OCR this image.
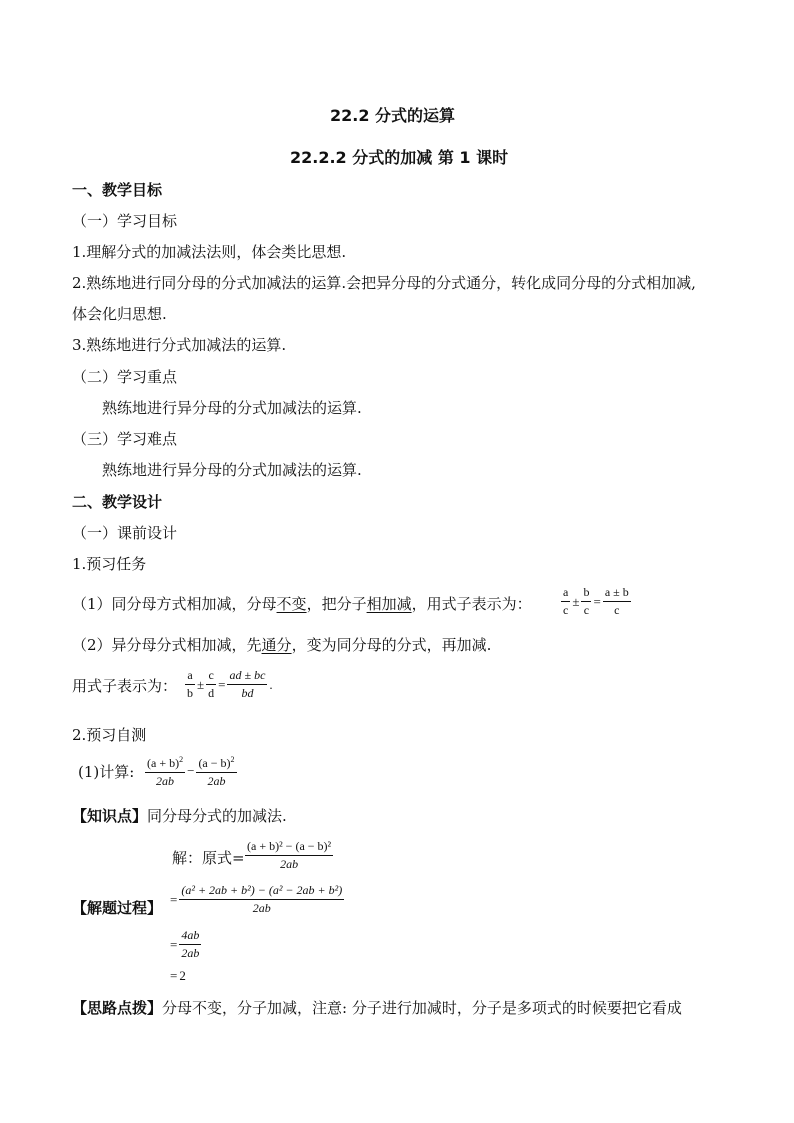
22.2 分式的运算
22.2.2 分式的加减 第 1 课时
一、教学目标
（一）学习目标
1.理解分式的加减法法则，体会类比思想.
2.熟练地进行同分母的分式加减法的运算.会把异分母的分式通分，转化成同分母的分式相加减,
体会化归思想.
3.熟练地进行分式加减法的运算.
（二）学习重点
熟练地进行异分母的分式加减法的运算.
（三）学习难点
熟练地进行异分母的分式加减法的运算.
二、教学设计
（一）课前设计
1.预习任务
（1）同分母方式相加减，分母不变，把分子相加减，用式子表示为： $\frac{a}{c} \pm \frac{b}{c} = \frac{a \pm b}{c}$
（2）异分母分式相加减，先通分，变为同分母的分式，再加减.
用式子表示为： $\frac{a}{b} \pm \frac{c}{d} = \frac{ad \pm bc}{bd}$ .
2.预习自测
(1)计算: $\frac{(a + b)^2}{2ab} - \frac{(a - b)^2}{2ab}$
【知识点】同分母分式的加减法.
解：原式= $\frac{\text{(a + b)² − (a − b)²}}{2ab}$
【解题过程】 = $\frac{\text{(a² + 2ab + b²) − (a² − 2ab + b²)}}{2ab}$
= $\frac{4ab}{2ab}$
= 2
【思路点拨】分母不变，分子加减，注意: 分子进行加减时，分子是多项式的时候要把它看成
